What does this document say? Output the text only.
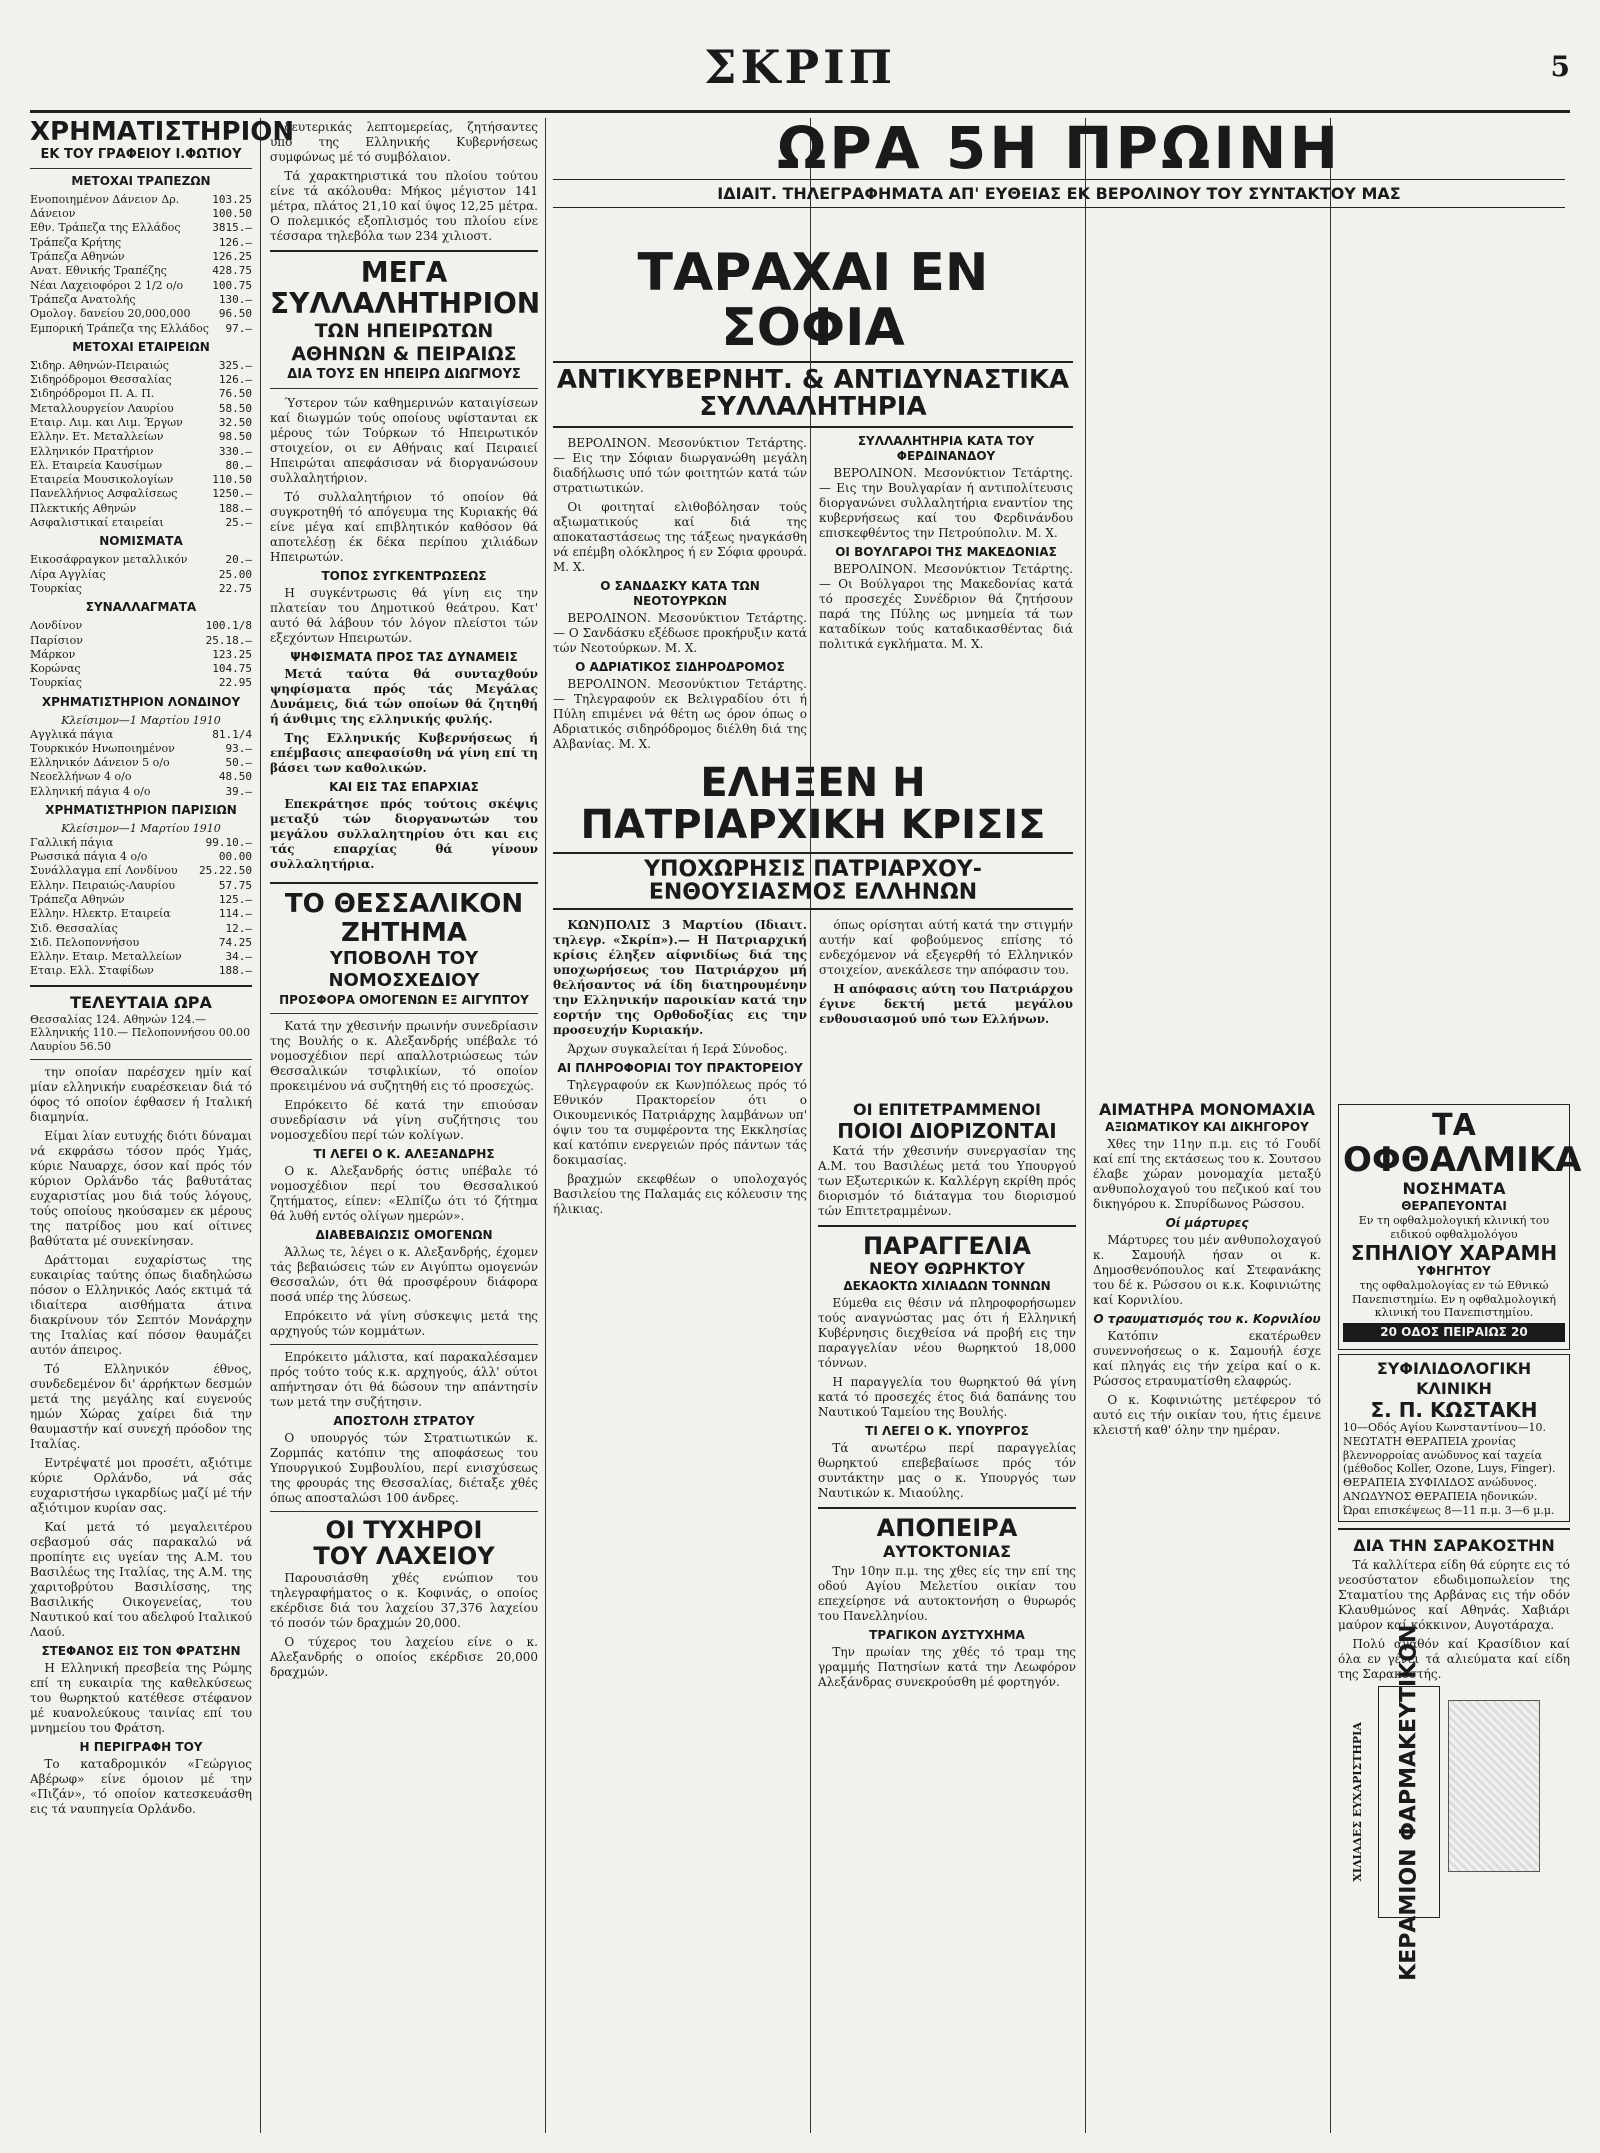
ΣΚΡΙΠ	5
ΧΡΗΜΑΤΙΣΤΗΡΙΟΝ
ΕΚ ΤΟΥ ΓΡΑΦΕΙΟΥ Ι.ΦΩΤΙΟΥ
ΜΕΤΟΧΑΙ ΤΡΑΠΕΖΩΝ
Ενοποιημένον Δάνειον Δρ.	103.25
Δάνειον	100.50
Εθν. Τράπεζα της Ελλάδος	3815.—
Τράπεζα Κρήτης	126.—
Τράπεζα Αθηνών	126.25
Ανατ. Εθνικής Τραπέζης	428.75
Νέαι Λαχειοφόροι 2 1/2 ο/ο	100.75
Τράπεζα Ανατολής	130.—
Ομολογ. δανείου 20,000,000	96.50
Εμπορική Τράπεζα της Ελλάδος	97.—
ΜΕΤΟΧΑΙ ΕΤΑΙΡΕΙΩΝ
Σιδηρ. Αθηνών-Πειραιώς	325.—
Σιδηρόδρομοι Θεσσαλίας	126.—
Σιδηρόδρομοι Π. Α. Π.	76.50
Μεταλλουργείον Λαυρίου	58.50
Εταιρ. Λιμ. και Λιμ. Έργων	32.50
Ελλην. Ετ. Μεταλλείων	98.50
Ελληνικόν Πρατήριον	330.—
Ελ. Εταιρεία Καυσίμων	80.—
Εταιρεία Μουσικολογίων	110.50
Πανελλήνιος Ασφαλίσεως	1250.—
Πλεκτικής Αθηνών	188.—
Ασφαλιστικαί εταιρείαι	25.—
ΝΟΜΙΣΜΑΤΑ
Εικοσάφραγκον μεταλλικόν	20.—
Λίρα Αγγλίας	25.00
Τουρκίας	22.75
ΣΥΝΑΛΛΑΓΜΑΤΑ
Λονδίνον	100.1/8
Παρίσιον	25.18.—
Μάρκον	123.25
Κορώνας	104.75
Τουρκίας	22.95
ΧΡΗΜΑΤΙΣΤΗΡΙΟΝ ΛΟΝΔΙΝΟΥ
Κλείσιμον—1 Μαρτίου 1910
Αγγλικά πάγια	81.1/4
Τουρκικόν Ηνωποιημένον	93.—
Ελληνικόν Δάνειον 5 ο/ο	50.—
Νεοελλήνων 4 ο/ο	48.50
Ελληνική πάγια 4 ο/ο	39.—
ΧΡΗΜΑΤΙΣΤΗΡΙΟΝ ΠΑΡΙΣΙΩΝ
Κλείσιμον—1 Μαρτίου 1910
Γαλλική πάγια	99.10.—
Ρωσσικά πάγια 4 ο/ο	00.00
Συνάλλαγμα επί Λονδίνου	25.22.50
Ελλην. Πειραιώς-Λαυρίου	57.75
Τράπεζα Αθηνών	125.—
Ελλην. Ηλεκτρ. Εταιρεία	114.—
Σιδ. Θεσσαλίας	12.—
Σιδ. Πελοποννήσου	74.25
Ελλην. Εταιρ. Μεταλλείων	34.—
Εταιρ. Ελλ. Σταφίδων	188.—
ΤΕΛΕΥΤΑΙΑ ΩΡΑ
Θεσσαλίας 124. Αθηνών 124.— Ελληνικής 110.— Πελοποννήσου 00.00 Λαυρίου 56.50
την οποίαν παρέσχεν ημίν καί μίαν ελληνικήν ευαρέσκειαν διά τό όφος τό οποίον έφθασεν ή Ιταλική διαμηνία.
Είμαι λίαν ευτυχής διότι δύναμαι νά εκφράσω τόσον πρός Υμάς, κύριε Ναυαρχε, όσον καί πρός τόν κύριον Ορλάνδο τάς βαθυτάτας ευχαριστίας μου διά τούς λόγους, τούς οποίους ηκούσαμεν εκ μέρους της πατρίδος μου καί οίτινες βαθύτατα μέ συνεκίνησαν.
Δράττομαι ευχαρίστως της ευκαιρίας ταύτης όπως διαδηλώσω πόσον ο Ελληνικός Λαός εκτιμά τά ιδιαίτερα αισθήματα άτινα διακρίνουν τόν Σεπτόν Μονάρχην της Ιταλίας καί πόσον θαυμάζει αυτόν άπειρος.
Τό Ελληνικόν έθνος, συνδεδεμένον δι' άρρήκτων δεσμών μετά της μεγάλης καί ευγενούς ημών Χώρας χαίρει διά την θαυμαστήν καί συνεχή πρόοδον της Ιταλίας.
Εντρέψατέ μοι προσέτι, αξιότιμε κύριε Ορλάνδο, νά σάς ευχαριστήσω ιγκαρδίως μαζί μέ τήν αξιότιμον κυρίαν σας.
Καί μετά τό μεγαλειτέρου σεβασμού σάς παρακαλώ νά προπίητε εις υγείαν της Α.Μ. του Βασιλέως της Ιταλίας, της Α.Μ. της χαριτοβρύτου Βασιλίσσης, της Βασιλικής Οικογενείας, του Ναυτικού καί του αδελφού Ιταλικού Λαού.
ΣΤΕΦΑΝΟΣ ΕΙΣ ΤΟΝ ΦΡΑΤΣΗΝ
Η Ελληνική πρεσβεία της Ρώμης επί τη ευκαιρία της καθελκύσεως του θωρηκτού κατέθεσε στέφανον μέ κυανολεύκους ταινίας επί του μνημείου του Φράτση.
Η ΠΕΡΙΓΡΑΦΗ ΤΟΥ
Το καταδρομικόν «Γεώργιος Αβέρωφ» είνε όμοιον μέ την «Πιζάν», τό οποίον κατεσκευάσθη εις τά ναυπηγεία Ορλάνδο.
δευτερικάς λεπτομερείας, ζητήσαντες υπό της Ελληνικής Κυβερνήσεως συμφώνως μέ τό συμβόλαιον.
Τά χαρακτηριστικά του πλοίου τούτου είνε τά ακόλουθα: Μήκος μέγιστον 141 μέτρα, πλάτος 21,10 καί ύψος 12,25 μέτρα. Ο πολεμικός εξοπλισμός του πλοίου είνε τέσσαρα τηλεβόλα των 234 χιλιοστ.
ΜΕΓΑ ΣΥΛΛΑΛΗΤΗΡΙΟΝ
ΤΩΝ ΗΠΕΙΡΩΤΩΝ ΑΘΗΝΩΝ & ΠΕΙΡΑΙΩΣ
ΔΙΑ ΤΟΥΣ ΕΝ ΗΠΕΙΡΩ ΔΙΩΓΜΟΥΣ
Ύστερον τών καθημερινών καταιγίσεων καί διωγμών τούς οποίους υφίστανται εκ μέρους τών Τούρκων τό Ηπειρωτικόν στοιχείον, οι εν Αθήναις καί Πειραιεί Ηπειρώται απεφάσισαν νά διοργανώσουν συλλαλητήριον.
Τό συλλαλητήριον τό οποίον θά συγκροτηθή τό απόγευμα της Κυριακής θά είνε μέγα καί επιβλητικόν καθόσον θά αποτελέσῃ έκ δέκα περίπου χιλιάδων Ηπειρωτών.
ΤΟΠΟΣ ΣΥΓΚΕΝΤΡΩΣΕΩΣ
Η συγκέντρωσις θά γίνη εις την πλατείαν του Δημοτικού θεάτρου. Κατ' αυτό θά λάβουν τόν λόγον πλείστοι τών εξεχόντων Ηπειρωτών.
ΨΗΦΙΣΜΑΤΑ ΠΡΟΣ ΤΑΣ ΔΥΝΑΜΕΙΣ
Μετά ταύτα θά συνταχθούν ψηφίσματα πρός τάς Μεγάλας Δυνάμεις, διά τών οποίων θά ζητηθή ή άνθιμις της ελληνικής φυλής.
Της Ελληνικής Κυβερνήσεως ή επέμβασις απεφασίσθη νά γίνη επί τη βάσει των καθολικών.
ΚΑΙ ΕΙΣ ΤΑΣ ΕΠΑΡΧΙΑΣ
Επεκράτησε πρός τούτοις σκέψις μεταξύ τών διοργανωτών του μεγάλου συλλαλητηρίου ότι και εις τάς επαρχίας θά γίνουν συλλαλητήρια.
ΤΟ ΘΕΣΣΑΛΙΚΟΝ ΖΗΤΗΜΑ
ΥΠΟΒΟΛΗ ΤΟΥ ΝΟΜΟΣΧΕΔΙΟΥ
ΠΡΟΣΦΟΡΑ ΟΜΟΓΕΝΩΝ ΕΞ ΑΙΓΥΠΤΟΥ
Κατά την χθεσινήν πρωινήν συνεδρίασιν της Βουλής ο κ. Αλεξανδρής υπέβαλε τό νομοσχέδιον περί απαλλοτριώσεως τών Θεσσαλικών τσιφλικίων, τό οποίον προκειμένου νά συζητηθή εις τό προσεχώς.
Επρόκειτο δέ κατά την επιούσαν συνεδρίασιν νά γίνη συζήτησις του νομοσχεδίου περί τών κολίγων.
ΤΙ ΛΕΓΕΙ Ο Κ. ΑΛΕΞΑΝΔΡΗΣ
Ο κ. Αλεξανδρής όστις υπέβαλε τό νομοσχέδιον περί του Θεσσαλικού ζητήματος, είπεν: «Ελπίζω ότι τό ζήτημα θά λυθή εντός ολίγων ημερών».
ΔΙΑΒΕΒΑΙΩΣΙΣ ΟΜΟΓΕΝΩΝ
Άλλως τε, λέγει ο κ. Αλεξανδρής, έχομεν τάς βεβαιώσεις τών εν Αιγύπτω ομογενών Θεσσαλών, ότι θά προσφέρουν διάφορα ποσά υπέρ της λύσεως.
Επρόκειτο νά γίνη σύσκεψις μετά της αρχηγούς τών κομμάτων.
Επρόκειτο μάλιστα, καί παρακαλέσαμεν πρός τούτο τούς κ.κ. αρχηγούς, άλλ' ούτοι απήντησαν ότι θά δώσουν την απάντησίν των μετά την συζήτησιν.
ΑΠΟΣΤΟΛΗ ΣΤΡΑΤΟΥ
Ο υπουργός τών Στρατιωτικών κ. Ζορμπάς κατόπιν της αποφάσεως του Υπουργικού Συμβουλίου, περί ενισχύσεως της φρουράς της Θεσσαλίας, διέταξε χθές όπως αποσταλώσι 100 άνδρες.
ΟΙ ΤΥΧΗΡΟΙ
ΤΟΥ ΛΑΧΕΙΟΥ
Παρουσιάσθη χθές ενώπιον του τηλεγραφήματος ο κ. Κοφινάς, ο οποίος εκέρδισε διά του λαχείου 37,376 λαχείου τό ποσόν τών δραχμών 20,000.
Ο τύχερος του λαχείου είνε ο κ. Αλεξανδρής ο οποίος εκέρδισε 20,000 δραχμών.
ΩΡΑ 5Η ΠΡΩΙΝΗ
ΙΔΙΑΙΤ. ΤΗΛΕΓΡΑΦΗΜΑΤΑ ΑΠ' ΕΥΘΕΙΑΣ ΕΚ ΒΕΡΟΛΙΝΟΥ ΤΟΥ ΣΥΝΤΑΚΤΟΥ ΜΑΣ
ΤΑΡΑΧΑΙ ΕΝ ΣΟΦΙΑ
ΑΝΤΙΚΥΒΕΡΝΗΤ. & ΑΝΤΙΔΥΝΑΣΤΙΚΑ ΣΥΛΛΑΛΗΤΗΡΙΑ
ΒΕΡΟΛΙΝΟΝ. Μεσονύκτιον Τετάρτης.— Εις την Σόφιαν διωργανώθη μεγάλη διαδήλωσις υπό τών φοιτητών κατά τών στρατιωτικών.
Οι φοιτηταί ελιθοβόλησαν τούς αξιωματικούς καί διά της αποκαταστάσεως της τάξεως ηναγκάσθη νά επέμβη ολόκληρος ή εν Σόφια φρουρά. Μ. Χ.
Ο ΣΑΝΔΑΣΚΥ ΚΑΤΑ ΤΩΝ ΝΕΟΤΟΥΡΚΩΝ
ΒΕΡΟΛΙΝΟΝ. Μεσονύκτιον Τετάρτης.— Ο Σανδάσκυ εξέδωσε προκήρυξιν κατά τών Νεοτούρκων. Μ. Χ.
Ο ΑΔΡΙΑΤΙΚΟΣ ΣΙΔΗΡΟΔΡΟΜΟΣ
ΒΕΡΟΛΙΝΟΝ. Μεσονύκτιον Τετάρτης.— Τηλεγραφούν εκ Βελιγραδίου ότι ή Πύλη επιμένει νά θέτη ως όρον όπως ο Αδριατικός σιδηρόδρομος διέλθη διά της Αλβανίας. Μ. Χ.
ΣΥΛΛΑΛΗΤΗΡΙΑ ΚΑΤΑ ΤΟΥ ΦΕΡΔΙΝΑΝΔΟΥ
ΒΕΡΟΛΙΝΟΝ. Μεσονύκτιον Τετάρτης.— Εις την Βουλγαρίαν ή αντιπολίτευσις διοργανώνει συλλαλητήρια εναντίον της κυβερνήσεως καί του Φερδινάνδου επισκεφθέντος την Πετρούπολιν. Μ. Χ.
ΟΙ ΒΟΥΛΓΑΡΟΙ ΤΗΣ ΜΑΚΕΔΟΝΙΑΣ
ΒΕΡΟΛΙΝΟΝ. Μεσονύκτιον Τετάρτης.— Οι Βούλγαροι της Μακεδονίας κατά τό προσεχές Συνέδριον θά ζητήσουν παρά της Πύλης ως μνημεία τά των καταδίκων τούς καταδικασθέντας διά πολιτικά εγκλήματα. Μ. Χ.
ΕΛΗΞΕΝ Η ΠΑΤΡΙΑΡΧΙΚΗ ΚΡΙΣΙΣ
ΥΠΟΧΩΡΗΣΙΣ ΠΑΤΡΙΑΡΧΟΥ-ΕΝΘΟΥΣΙΑΣΜΟΣ ΕΛΛΗΝΩΝ
ΚΩΝ)ΠΟΛΙΣ 3 Μαρτίου (Ιδιαιτ. τηλεγρ. «Σκρίπ»).— Η Πατριαρχική κρίσις έληξεν αίφνιδίως διά της υποχωρήσεως του Πατριάρχου μή θελήσαντος νά ίδη διατηρουμένην την Ελληνικήν παροικίαν κατά την εορτήν της Ορθοδοξίας εις την προσευχήν Κυριακήν.
Άρχων συγκαλείται ή Ιερά Σύνοδος.
ΑΙ ΠΛΗΡΟΦΟΡΙΑΙ ΤΟΥ ΠΡΑΚΤΟΡΕΙΟΥ
Τηλεγραφούν εκ Κων)πόλεως πρός τό Εθνικόν Πρακτορείον ότι ο Οικουμενικός Πατριάρχης λαμβάνων υπ' όψιν του τα συμφέροντα της Εκκλησίας καί κατόπιν ενεργειών πρός πάντων τάς δοκιμασίας.
βραχμών εκεφθέων ο υπολοχαγός Βασιλείου της Παλαμάς εις κόλευσιν της ήλικιας.
όπως ορίσηται αύτή κατά την στιγμήν αυτήν καί φοβούμενος επίσης τό ενδεχόμενον νά εξεγερθή τό Ελληνικόν στοιχείον, ανεκάλεσε την απόφασιν του.
Η απόφασις αύτη του Πατριάρχου έγινε δεκτή μετά μεγάλου ενθουσιασμού υπό των Ελλήνων.
ΟΙ ΕΠΙΤΕΤΡΑΜΜΕΝΟΙ
ΠΟΙΟΙ ΔΙΟΡΙΖΟΝΤΑΙ
Κατά τήν χθεσινήν συνεργασίαν της Α.Μ. του Βασιλέως μετά του Υπουργού των Εξωτερικών κ. Καλλέργη εκρίθη πρός διορισμόν τό διάταγμα του διορισμού τών Επιτετραμμένων.
ΠΑΡΑΓΓΕΛΙΑ
ΝΕΟΥ ΘΩΡΗΚΤΟΥ
ΔΕΚΑΟΚΤΩ ΧΙΛΙΑΔΩΝ ΤΟΝΝΩΝ
Εύμεθα εις θέσιν νά πληροφορήσωμεν τούς αναγνώστας μας ότι ή Ελληνική Κυβέρνησις διεχθείσα νά προβή εις την παραγγελίαν νέου θωρηκτού 18,000 τόννων.
Η παραγγελία του θωρηκτού θά γίνη κατά τό προσεχές έτος διά δαπάνης του Ναυτικού Ταμείου της Βουλής.
ΤΙ ΛΕΓΕΙ Ο Κ. ΥΠΟΥΡΓΟΣ
Τά ανωτέρω περί παραγγελίας θωρηκτού επεβεβαίωσε πρός τόν συντάκτην μας ο κ. Υπουργός των Ναυτικών κ. Μιαούλης.
ΑΠΟΠΕΙΡΑ
ΑΥΤΟΚΤΟΝΙΑΣ
Την 10ην π.μ. της χθες είς την επί της οδού Αγίου Μελετίου οικίαν του επεχείρησε νά αυτοκτονήση ο θυρωρός του Πανελληνίου.
ΤΡΑΓΙΚΟΝ ΔΥΣΤΥΧΗΜΑ
Την πρωίαν της χθές τό τραμ της γραμμής Πατησίων κατά την Λεωφόρον Αλεξάνδρας συνεκρούσθη μέ φορτηγόν.
ΑΙΜΑΤΗΡΑ ΜΟΝΟΜΑΧΙΑ
ΑΞΙΩΜΑΤΙΚΟΥ ΚΑΙ ΔΙΚΗΓΟΡΟΥ
Χθες την 11ην π.μ. εις τό Γουδί καί επί της εκτάσεως του κ. Σουτσου έλαβε χώραν μονομαχία μεταξύ ανθυπολοχαγού του πεζικού καί του δικηγόρου κ. Σπυρίδωνος Ρώσσου.
Οί μάρτυρες
Μάρτυρες του μέν ανθυπολοχαγού κ. Σαμουήλ ήσαν οι κ. Δημοσθενόπουλος καί Στεφανάκης του δέ κ. Ρώσσου οι κ.κ. Κοφινιώτης καί Κορνιλίου.
Ο τραυματισμός του κ. Κορνιλίου
Κατόπιν εκατέρωθεν συνεννοήσεως ο κ. Σαμουήλ έσχε καί πληγάς εις τήν χείρα καί ο κ. Ρώσσος ετραυματίσθη ελαφρώς.
Ο κ. Κοφινιώτης μετέφερον τό αυτό εις τήν οικίαν του, ήτις έμεινε κλειστή καθ' όλην την ημέραν.
ΤΑ
ΟΦΘΑΛΜΙΚΑ
ΝΟΣΗΜΑΤΑ
ΘΕΡΑΠΕΥΟΝΤΑΙ
Εν τη οφθαλμολογική κλινική του ειδικού οφθαλμολόγου
ΣΠΗΛΙΟΥ ΧΑΡΑΜΗ
ΥΦΗΓΗΤΟΥ
της οφθαλμολογίας εν τώ Εθνικώ Πανεπιστημίω. Εν η οφθαλμολογική κλινική του Πανεπιστημίου.
20 ΟΔΟΣ ΠΕΙΡΑΙΩΣ 20
ΣΥΦΙΛΙΔΟΛΟΓΙΚΗ
ΚΛΙΝΙΚΗ
Σ. Π. ΚΩΣΤΑΚΗ
10—Οδός Αγίου Κωνσταντίνου—10. ΝΕΩΤΑΤΗ ΘΕΡΑΠΕΙΑ χρονίας βλεννορροίας ανώδυνος καί ταχεία (μέθοδος Koller, Ozone, Luys, Finger).
ΘΕΡΑΠΕΙΑ ΣΥΦΙΛΙΔΟΣ ανώδυνος. ΑΝΩΔΥΝΟΣ ΘΕΡΑΠΕΙΑ ηδονικών. Ώραι επισκέψεως 8—11 π.μ. 3—6 μ.μ.
ΔΙΑ ΤΗΝ ΣΑΡΑΚΟΣΤΗΝ
Τά καλλίτερα είδη θά εύρητε εις τό νεοσύστατον εδωδιμοπωλείον της Σταματίου της Αρβάνας εις τήν οδόν Κλαυθμώνος καί Αθηνάς. Χαβιάρι μαύρον καί κόκκινον, Αυγοτάραχα.
Πολύ αγαθόν καί Κρασίδιον καί όλα εν γένει τά αλιεύματα καί είδη της Σαρακοστής.
ΚΕΡΑΜΙΟΝ ΦΑΡΜΑΚΕΥΤΙΚΟΝ
ΧΙΛΙΑΔΕΣ ΕΥΧΑΡΙΣΤΗΡΙΑ
